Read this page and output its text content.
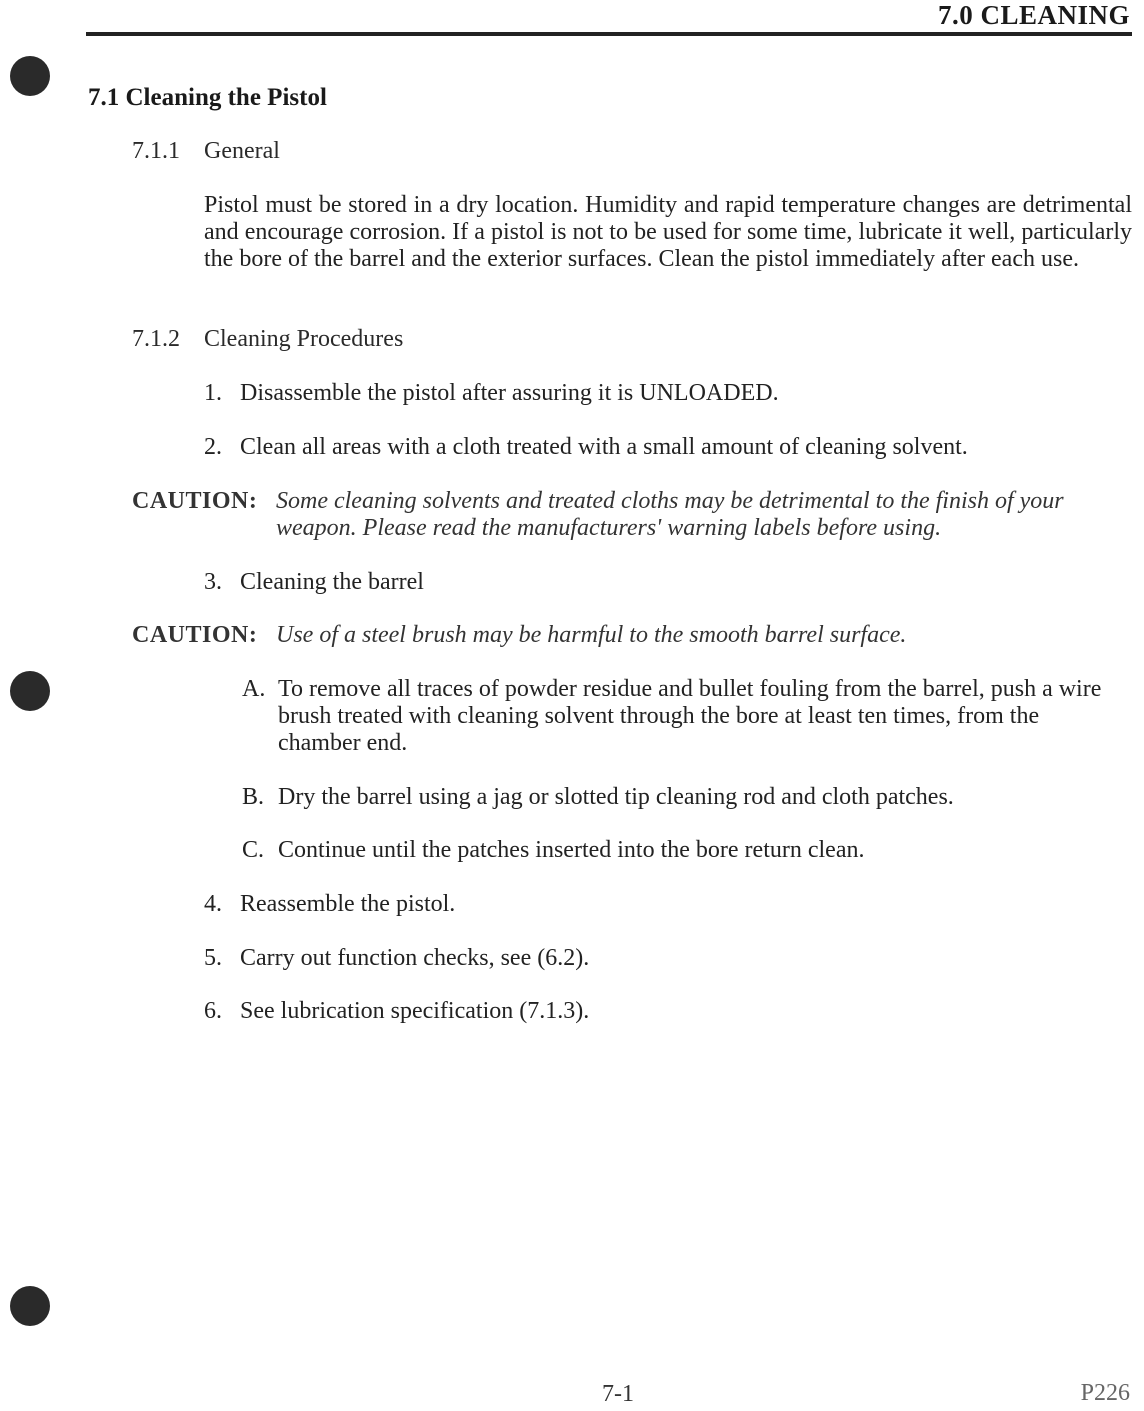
7.0 CLEANING
7.1 Cleaning the Pistol
7.1.1 General
Pistol must be stored in a dry location. Humidity and rapid temperature changes are detrimental and encourage corrosion. If a pistol is not to be used for some time, lubricate it well, particularly the bore of the barrel and the exterior surfaces. Clean the pistol immediately after each use.
7.1.2 Cleaning Procedures
1. Disassemble the pistol after assuring it is UNLOADED.
2. Clean all areas with a cloth treated with a small amount of cleaning solvent.
CAUTION: Some cleaning solvents and treated cloths may be detrimental to the finish of your weapon. Please read the manufacturers' warning labels before using.
3. Cleaning the barrel
CAUTION: Use of a steel brush may be harmful to the smooth barrel surface.
A. To remove all traces of powder residue and bullet fouling from the barrel, push a wire brush treated with cleaning solvent through the bore at least ten times, from the chamber end.
B. Dry the barrel using a jag or slotted tip cleaning rod and cloth patches.
C. Continue until the patches inserted into the bore return clean.
4. Reassemble the pistol.
5. Carry out function checks, see (6.2).
6. See lubrication specification (7.1.3).
7-1	P226
